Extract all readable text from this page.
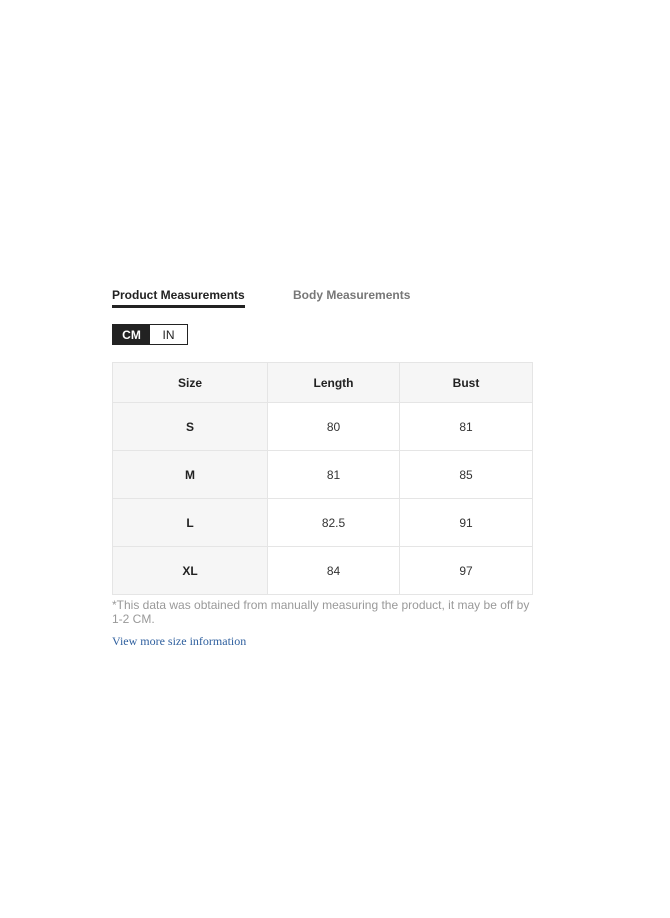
Product Measurements	Body Measurements
CM	IN
Size	Length	Bust
S	80	81
M	81	85
L	82.5	91
XL	84	97
*This data was obtained from manually measuring the product, it may be off by 1-2 CM.
View more size information
